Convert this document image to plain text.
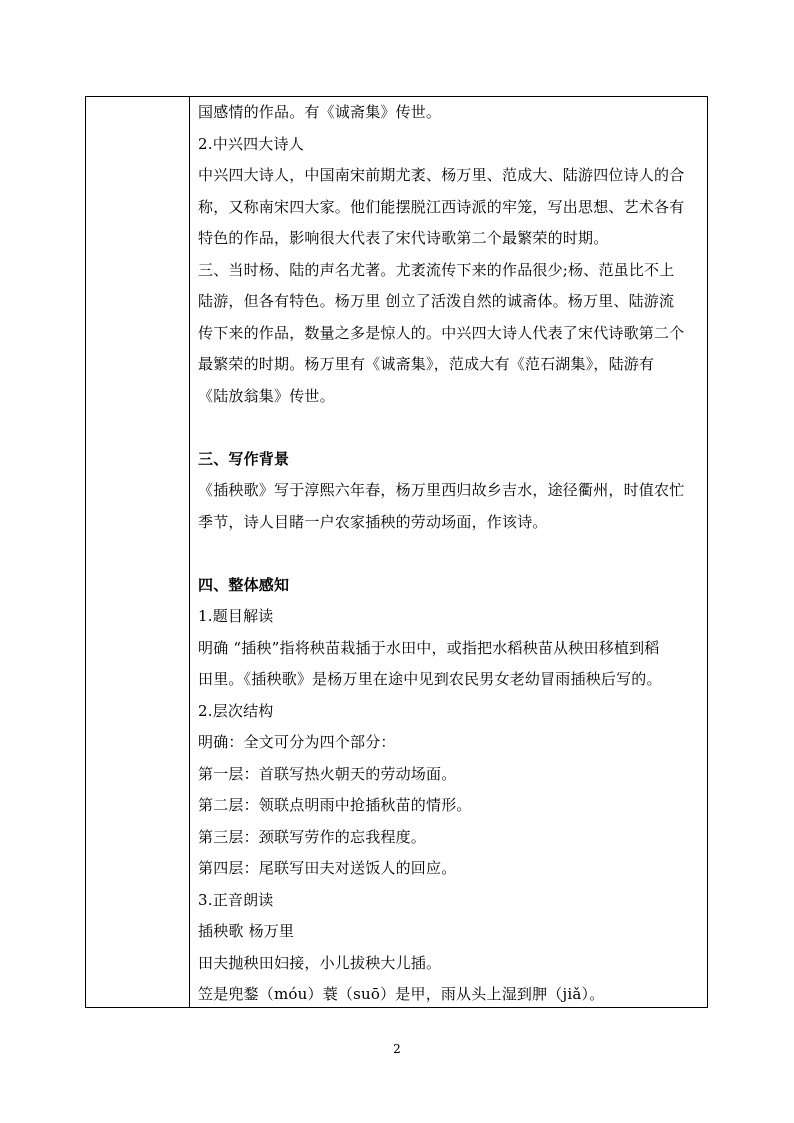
国感情的作品。有《诚斋集》传世。
2.中兴四大诗人
中兴四大诗人，中国南宋前期尤袤、杨万里、范成大、陆游四位诗人的合
称，又称南宋四大家。他们能摆脱江西诗派的牢笼，写出思想、艺术各有
特色的作品，影响很大代表了宋代诗歌第二个最繁荣的时期。
三、当时杨、陆的声名尤著。尤袤流传下来的作品很少;杨、范虽比不上
陆游，但各有特色。杨万里 创立了活泼自然的诚斋体。杨万里、陆游流
传下来的作品，数量之多是惊人的。中兴四大诗人代表了宋代诗歌第二个
最繁荣的时期。杨万里有《诚斋集》，范成大有《范石湖集》，陆游有
《陆放翁集》传世。
三、写作背景
《插秧歌》写于淳熙六年春，杨万里西归故乡吉水，途径衢州，时值农忙
季节，诗人目睹一户农家插秧的劳动场面，作该诗。
四、整体感知
1.题目解读
明确 “插秧”指将秧苗栽插于水田中，或指把水稻秧苗从秧田移植到稻
田里。《插秧歌》是杨万里在途中见到农民男女老幼冒雨插秧后写的。
2.层次结构
明确：全文可分为四个部分：
第一层：首联写热火朝天的劳动场面。
第二层：领联点明雨中抢插秋苗的情形。
第三层：颈联写劳作的忘我程度。
第四层：尾联写田夫对送饭人的回应。
3.正音朗读
插秧歌 杨万里
田夫抛秧田妇接，小儿拔秧大儿插。
笠是兜鍪（móu）蓑（suō）是甲，雨从头上湿到胛（jiǎ）。
2
